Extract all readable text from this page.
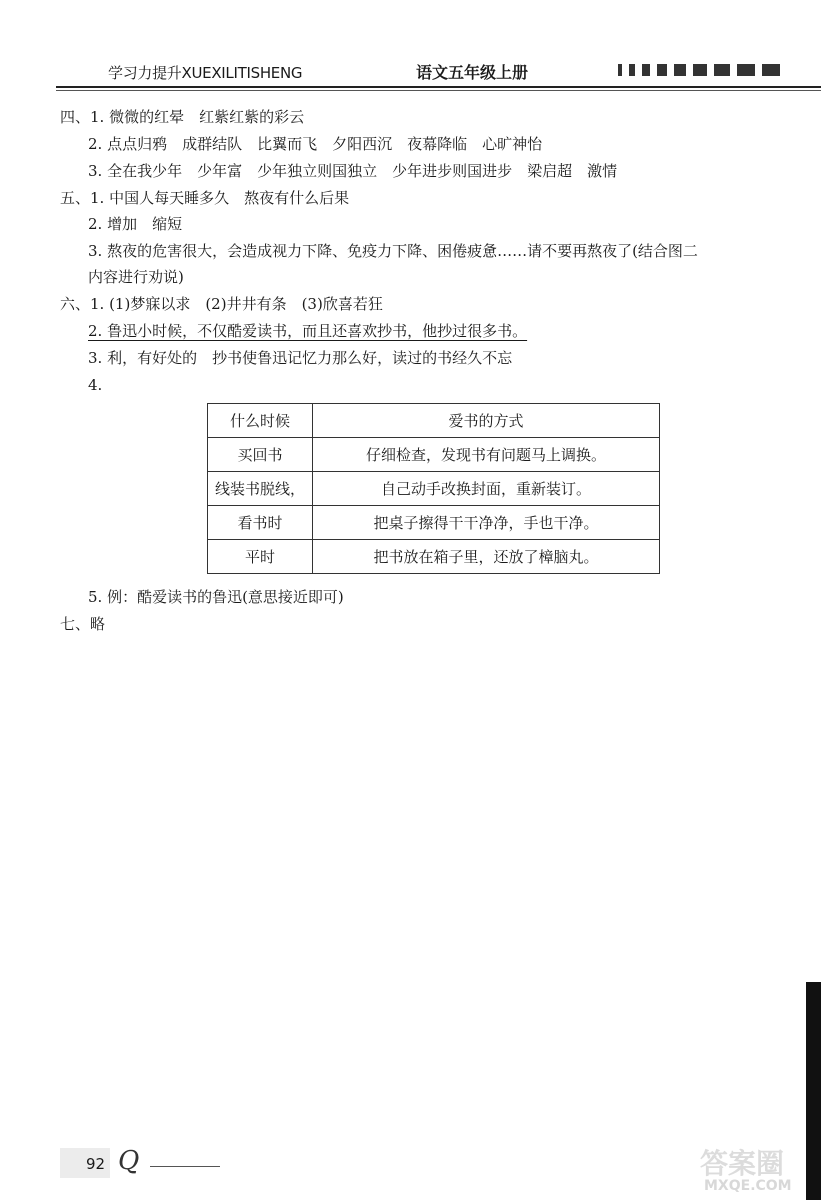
学习力提升XUEXILITISHENG	语文五年级上册
四、1. 微微的红晕　红紫红紫的彩云
2. 点点归鸦　成群结队　比翼而飞　夕阳西沉　夜幕降临　心旷神怡
3. 全在我少年　少年富　少年独立则国独立　少年进步则国进步　梁启超　激情
五、1. 中国人每天睡多久　熬夜有什么后果
2. 增加　缩短
3. 熬夜的危害很大，会造成视力下降、免疫力下降、困倦疲惫……请不要再熬夜了(结合图二
内容进行劝说)
六、1. (1)梦寐以求　(2)井井有条　(3)欣喜若狂
2. 鲁迅小时候，不仅酷爱读书，而且还喜欢抄书，他抄过很多书。
3. 利，有好处的　抄书使鲁迅记忆力那么好，读过的书经久不忘
4.
什么时候	爱书的方式
买回书	仔细检查，发现书有问题马上调换。
线装书脱线，	自己动手改换封面，重新装订。
看书时	把桌子擦得干干净净，手也干净。
平时	把书放在箱子里，还放了樟脑丸。
5. 例：酷爱读书的鲁迅(意思接近即可)
七、略
92 Q	答案圈
MXQE.COM
